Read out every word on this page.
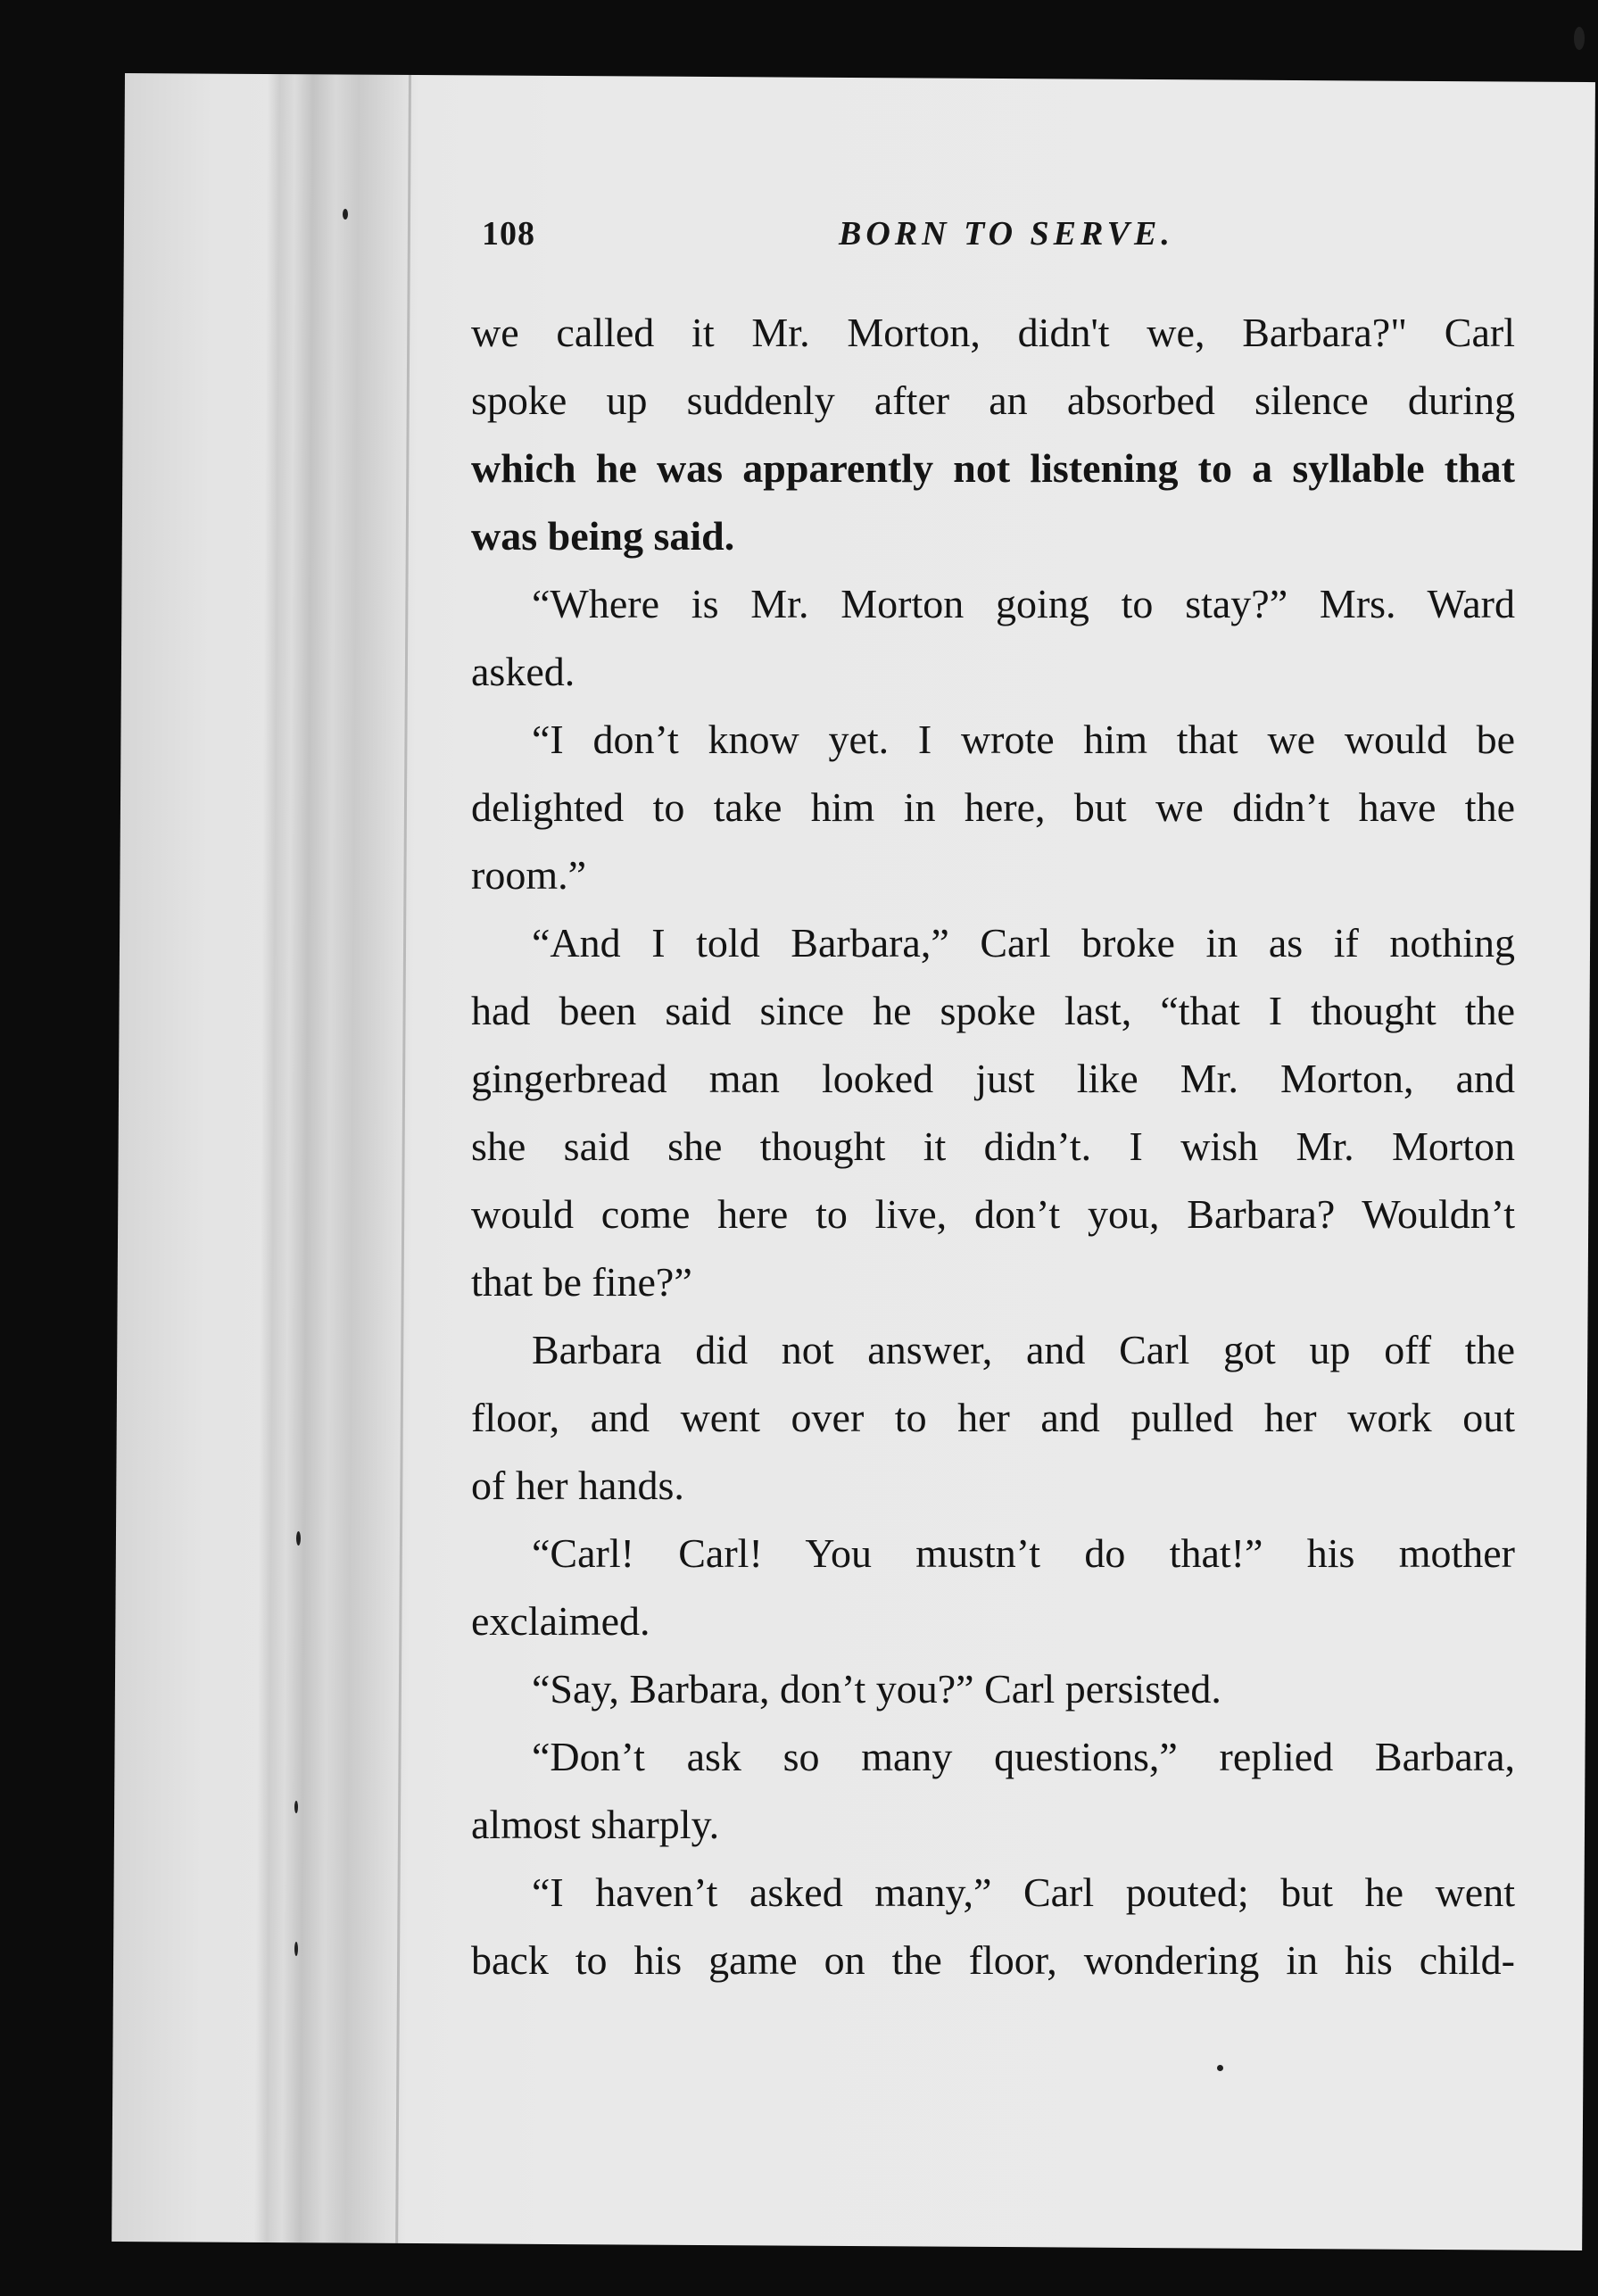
108	BORN TO SERVE.
we called it Mr. Morton, didn't we, Barbara?" Carl
spoke up suddenly after an absorbed silence during
which he was apparently not listening to a syllable that
was being said.
“Where is Mr. Morton going to stay?” Mrs. Ward
asked.
“I don’t know yet. I wrote him that we would be
delighted to take him in here, but we didn’t have the
room.”
“And I told Barbara,” Carl broke in as if nothing
had been said since he spoke last, “that I thought the
gingerbread man looked just like Mr. Morton, and
she said she thought it didn’t. I wish Mr. Morton
would come here to live, don’t you, Barbara? Wouldn’t
that be fine?”
Barbara did not answer, and Carl got up off the
floor, and went over to her and pulled her work out
of her hands.
“Carl! Carl! You mustn’t do that!” his mother
exclaimed.
“Say, Barbara, don’t you?” Carl persisted.
“Don’t ask so many questions,” replied Barbara,
almost sharply.
“I haven’t asked many,” Carl pouted; but he went
back to his game on the floor, wondering in his child-
